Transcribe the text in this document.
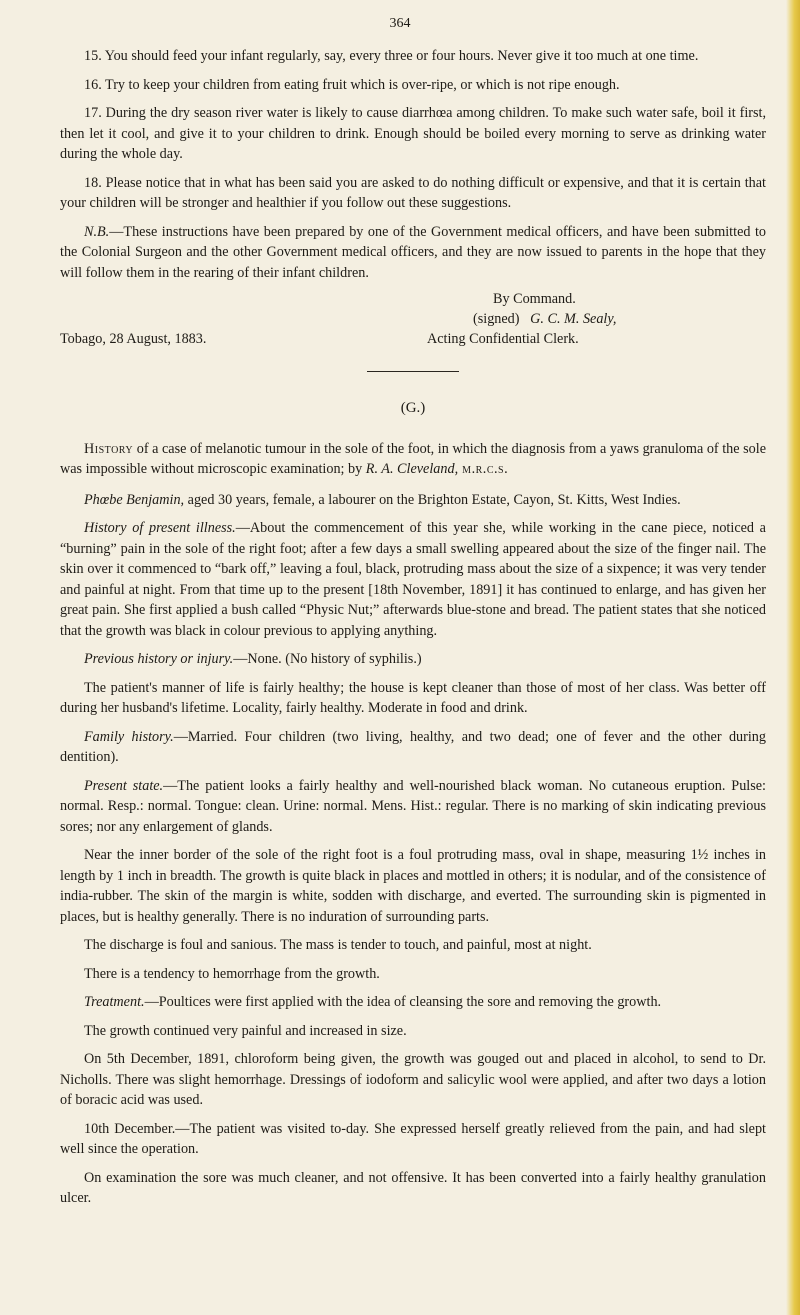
364

15. You should feed your infant regularly, say, every three or four hours. Never give it too much at one time.

16. Try to keep your children from eating fruit which is over-ripe, or which is not ripe enough.

17. During the dry season river water is likely to cause diarrhœa among children. To make such water safe, boil it first, then let it cool, and give it to your children to drink. Enough should be boiled every morning to serve as drinking water during the whole day.

18. Please notice that in what has been said you are asked to do nothing difficult or expensive, and that it is certain that your children will be stronger and healthier if you follow out these suggestions.

N.B.—These instructions have been prepared by one of the Government medical officers, and have been submitted to the Colonial Surgeon and the other Government medical officers, and they are now issued to parents in the hope that they will follow them in the rearing of their infant children.

By Command.
(signed) G. C. M. Sealy,
Tobago, 28 August, 1883.	Acting Confidential Clerk.
(G.)

History of a case of melanotic tumour in the sole of the foot, in which the diagnosis from a yaws granuloma of the sole was impossible without microscopic examination; by R. A. Cleveland, m.r.c.s.

Phœbe Benjamin, aged 30 years, female, a labourer on the Brighton Estate, Cayon, St. Kitts, West Indies.

History of present illness.—About the commencement of this year she, while working in the cane piece, noticed a “burning” pain in the sole of the right foot; after a few days a small swelling appeared about the size of the finger nail. The skin over it commenced to “bark off,” leaving a foul, black, protruding mass about the size of a sixpence; it was very tender and painful at night. From that time up to the present [18th November, 1891] it has continued to enlarge, and has given her great pain. She first applied a bush called “Physic Nut;” afterwards blue-stone and bread. The patient states that she noticed that the growth was black in colour previous to applying anything.

Previous history or injury.—None. (No history of syphilis.)

The patient's manner of life is fairly healthy; the house is kept cleaner than those of most of her class. Was better off during her husband's lifetime. Locality, fairly healthy. Moderate in food and drink.

Family history.—Married. Four children (two living, healthy, and two dead; one of fever and the other during dentition).

Present state.—The patient looks a fairly healthy and well-nourished black woman. No cutaneous eruption. Pulse: normal. Resp.: normal. Tongue: clean. Urine: normal. Mens. Hist.: regular. There is no marking of skin indicating previous sores; nor any enlargement of glands.

Near the inner border of the sole of the right foot is a foul protruding mass, oval in shape, measuring 1½ inches in length by 1 inch in breadth. The growth is quite black in places and mottled in others; it is nodular, and of the consistence of india-rubber. The skin of the margin is white, sodden with discharge, and everted. The surrounding skin is pigmented in places, but is healthy generally. There is no induration of surrounding parts.

The discharge is foul and sanious. The mass is tender to touch, and painful, most at night.

There is a tendency to hemorrhage from the growth.

Treatment.—Poultices were first applied with the idea of cleansing the sore and removing the growth.

The growth continued very painful and increased in size.

On 5th December, 1891, chloroform being given, the growth was gouged out and placed in alcohol, to send to Dr. Nicholls. There was slight hemorrhage. Dressings of iodoform and salicylic wool were applied, and after two days a lotion of boracic acid was used.

10th December.—The patient was visited to-day. She expressed herself greatly relieved from the pain, and had slept well since the operation.

On examination the sore was much cleaner, and not offensive. It has been converted into a fairly healthy granulation ulcer.
